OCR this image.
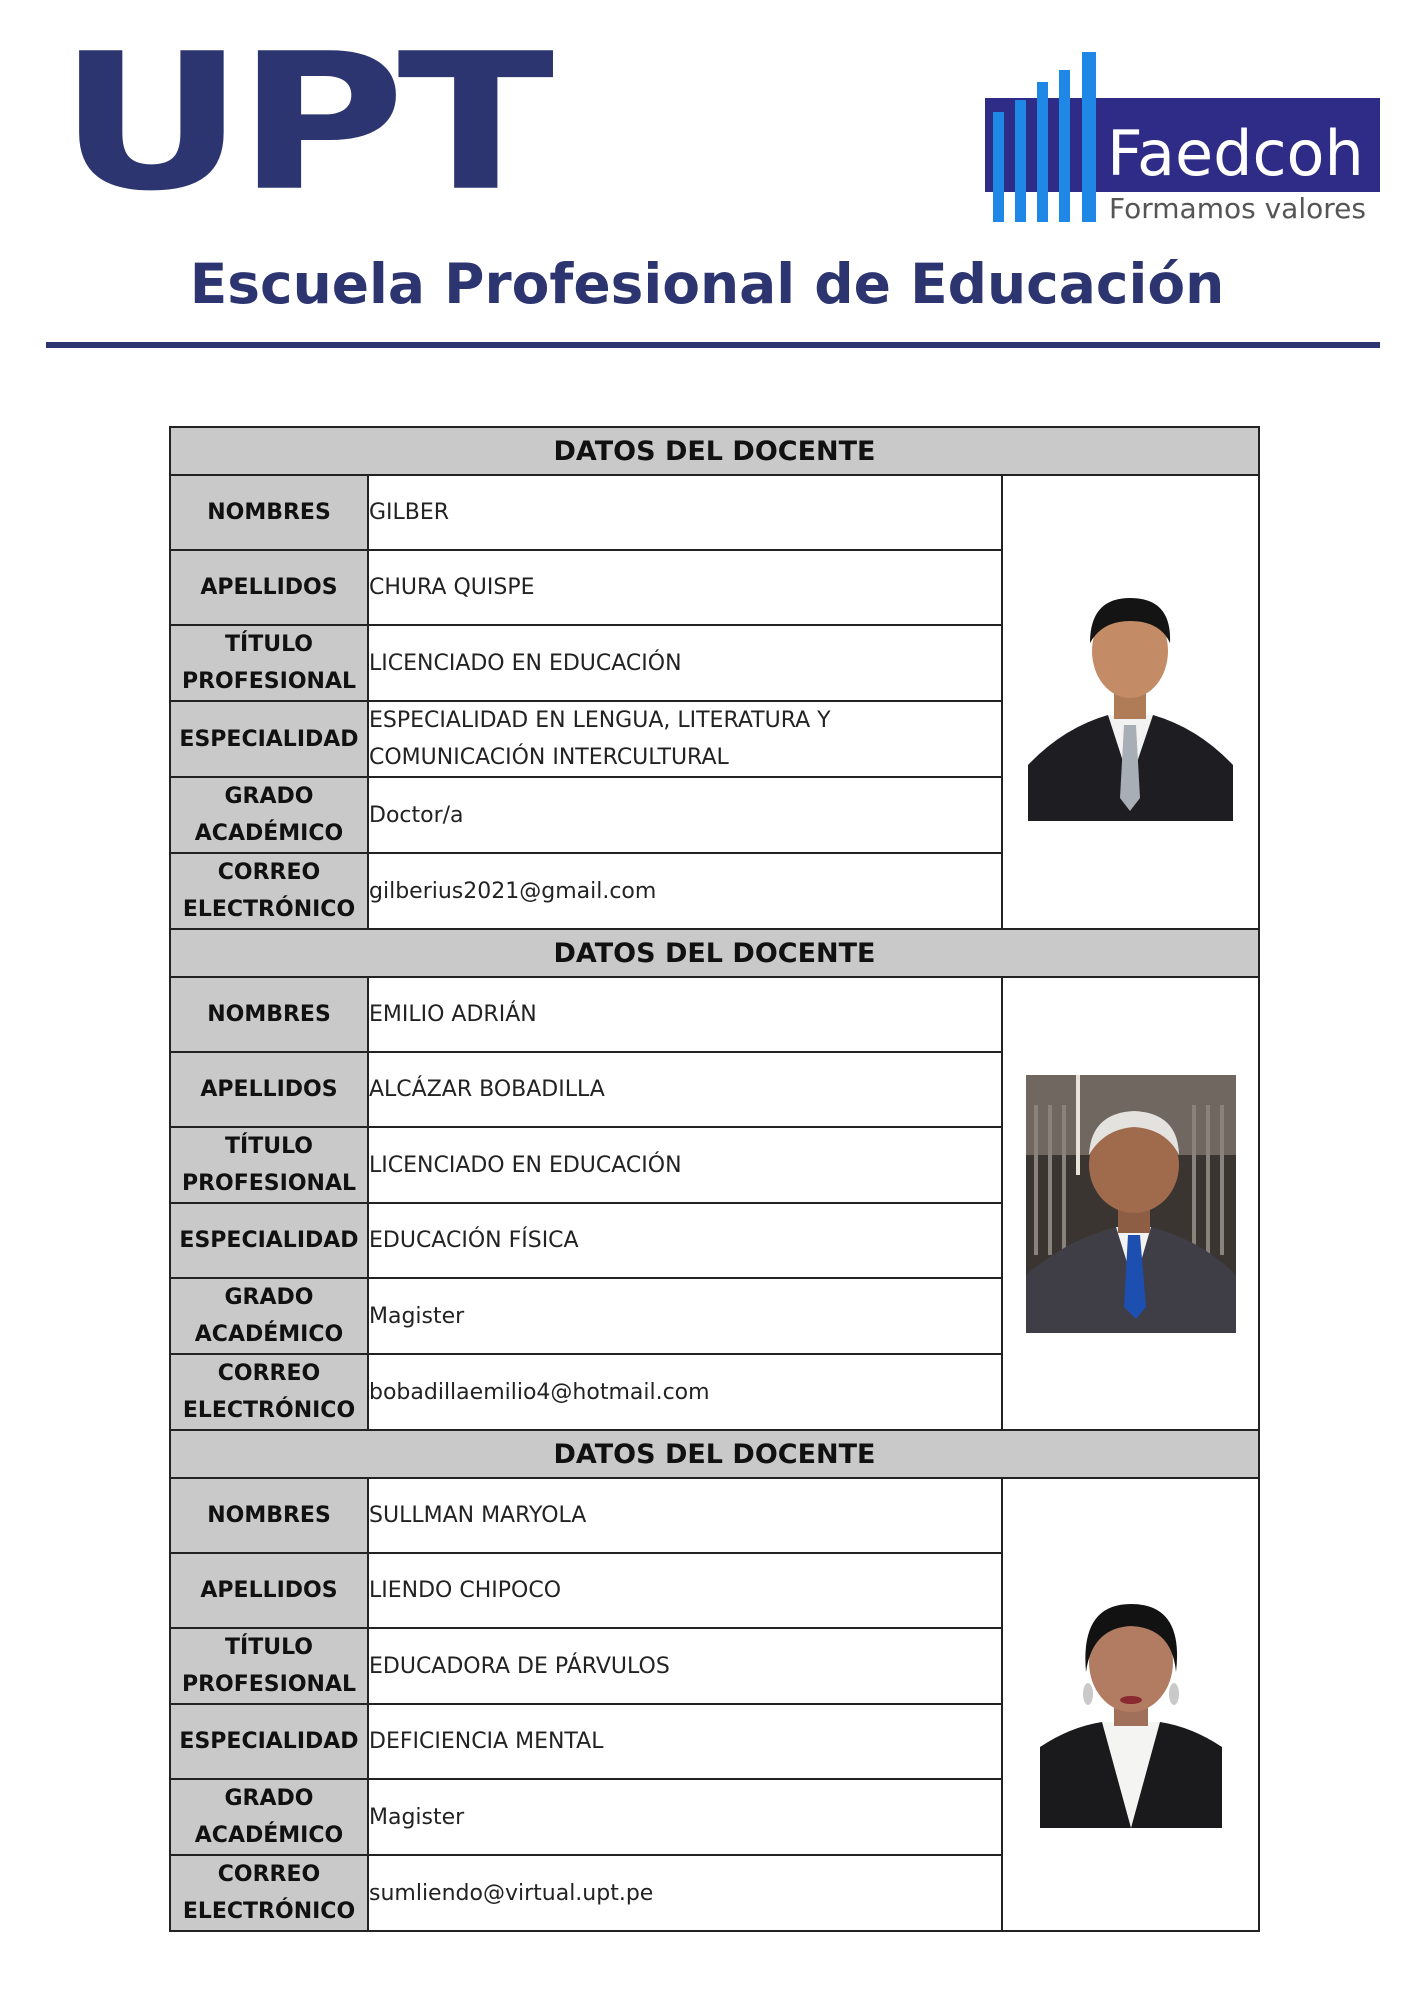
UPT	Faedcoh
Formamos valores
Escuela Profesional de Educación
DATOS DEL DOCENTE		
NOMBRES	GILBER	

APELLIDOS	CHURA QUISPE	
TÍTULO
PROFESIONAL	LICENCIADO EN EDUCACIÓN	
ESPECIALIDAD	ESPECIALIDAD EN LENGUA, LITERATURA Y
COMUNICACIÓN INTERCULTURAL	
GRADO
ACADÉMICO	Doctor/a	
CORREO
ELECTRÓNICO	gilberius2021@gmail.com	
DATOS DEL DOCENTE		
NOMBRES	EMILIO ADRIÁN	

APELLIDOS	ALCÁZAR BOBADILLA	
TÍTULO
PROFESIONAL	LICENCIADO EN EDUCACIÓN	
ESPECIALIDAD	EDUCACIÓN FÍSICA	
GRADO
ACADÉMICO	Magister	
CORREO
ELECTRÓNICO	bobadillaemilio4@hotmail.com	
DATOS DEL DOCENTE		
NOMBRES	SULLMAN MARYOLA	

APELLIDOS	LIENDO CHIPOCO	
TÍTULO
PROFESIONAL	EDUCADORA DE PÁRVULOS	
ESPECIALIDAD	DEFICIENCIA MENTAL	
GRADO
ACADÉMICO	Magister	
CORREO
ELECTRÓNICO	sumliendo@virtual.upt.pe	
